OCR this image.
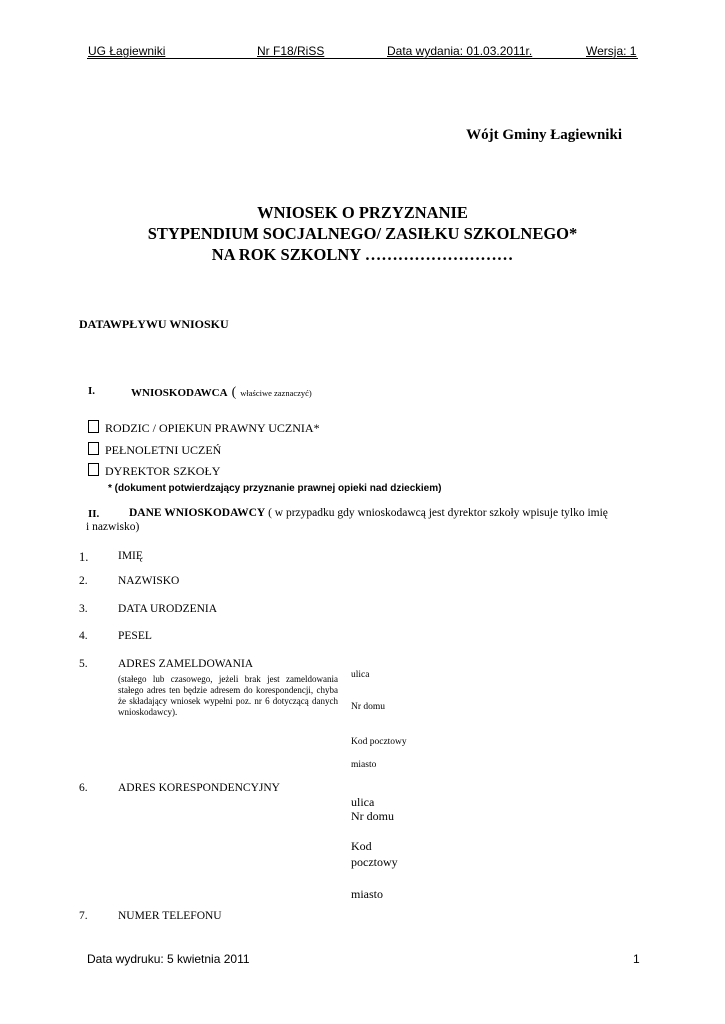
UG Łagiewniki	Nr F18/RiSS	Data wydania: 01.03.2011r.	Wersja: 1
Wójt Gminy Łagiewniki
WNIOSEK O PRZYZNANIE
STYPENDIUM SOCJALNEGO/ ZASIŁKU SZKOLNEGO*
NA ROK SZKOLNY ………………………
DATAWPŁYWU WNIOSKU
I.	WNIOSKODAWCA ( właściwe zaznaczyć)
RODZIC / OPIEKUN PRAWNY UCZNIA*
PEŁNOLETNI UCZEŃ
DYREKTOR SZKOŁY
* (dokument potwierdzający przyznanie prawnej opieki nad dzieckiem)
II.	DANE WNIOSKODAWCY ( w przypadku gdy wnioskodawcą jest dyrektor szkoły wpisuje tylko imię
i nazwisko)
1.	IMIĘ
2.	NAZWISKO
3.	DATA URODZENIA
4.	PESEL
5.	ADRES ZAMELDOWANIA
(stałego lub czasowego, jeżeli brak jest zameldowania stałego adres ten będzie adresem do korespondencji, chyba że składający wniosek wypełni poz. nr 6 dotyczącą danych wnioskodawcy).
ulica
Nr domu
Kod pocztowy
miasto
6.	ADRES KORESPONDENCYJNY
ulica
Nr domu
Kod
pocztowy
miasto
7.	NUMER TELEFONU
Data wydruku: 5 kwietnia 2011	1
